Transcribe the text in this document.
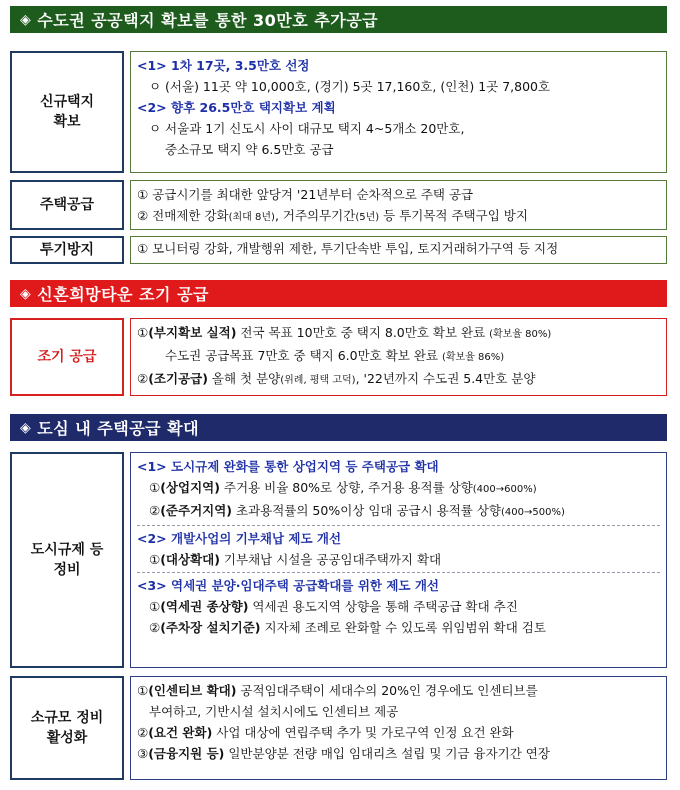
◈ 수도권 공공택지 확보를 통한 30만호 추가공급
신규택지
확보
<1> 1차 17곳, 3.5만호 선정
ㅇ (서울) 11곳 약 10,000호, (경기) 5곳 17,160호, (인천) 1곳 7,800호
<2> 향후 26.5만호 택지확보 계획
ㅇ 서울과 1기 신도시 사이 대규모 택지 4~5개소 20만호,
중소규모 택지 약 6.5만호 공급
주택공급
① 공급시기를 최대한 앞당겨 '21년부터 순차적으로 주택 공급
② 전매제한 강화(최대 8년), 거주의무기간(5년) 등 투기목적 주택구입 방지
투기방지	① 모니터링 강화, 개발행위 제한, 투기단속반 투입, 토지거래허가구역 등 지정
◈ 신혼희망타운 조기 공급
조기 공급
①(부지확보 실적) 전국 목표 10만호 중 택지 8.0만호 확보 완료 (확보율 80%)
수도권 공급목표 7만호 중 택지 6.0만호 확보 완료 (확보율 86%)
②(조기공급) 올해 첫 분양(위례, 평택 고덕), '22년까지 수도권 5.4만호 분양
◈ 도심 내 주택공급 확대
도시규제 등
정비
<1> 도시규제 완화를 통한 상업지역 등 주택공급 확대
①(상업지역) 주거용 비율 80%로 상향, 주거용 용적률 상향(400→600%)
②(준주거지역) 초과용적률의 50%이상 임대 공급시 용적률 상향(400→500%)
<2> 개발사업의 기부채납 제도 개선
①(대상확대) 기부채납 시설을 공공임대주택까지 확대
<3> 역세권 분양·임대주택 공급확대를 위한 제도 개선
①(역세권 종상향) 역세권 용도지역 상향을 통해 주택공급 확대 추진
②(주차장 설치기준) 지자체 조례로 완화할 수 있도록 위임범위 확대 검토
소규모 정비
활성화
①(인센티브 확대) 공적임대주택이 세대수의 20%인 경우에도 인센티브를
부여하고, 기반시설 설치시에도 인센티브 제공
②(요건 완화) 사업 대상에 연립주택 추가 및 가로구역 인정 요건 완화
③(금융지원 등) 일반분양분 전량 매입 임대리츠 설립 및 기금 융자기간 연장
